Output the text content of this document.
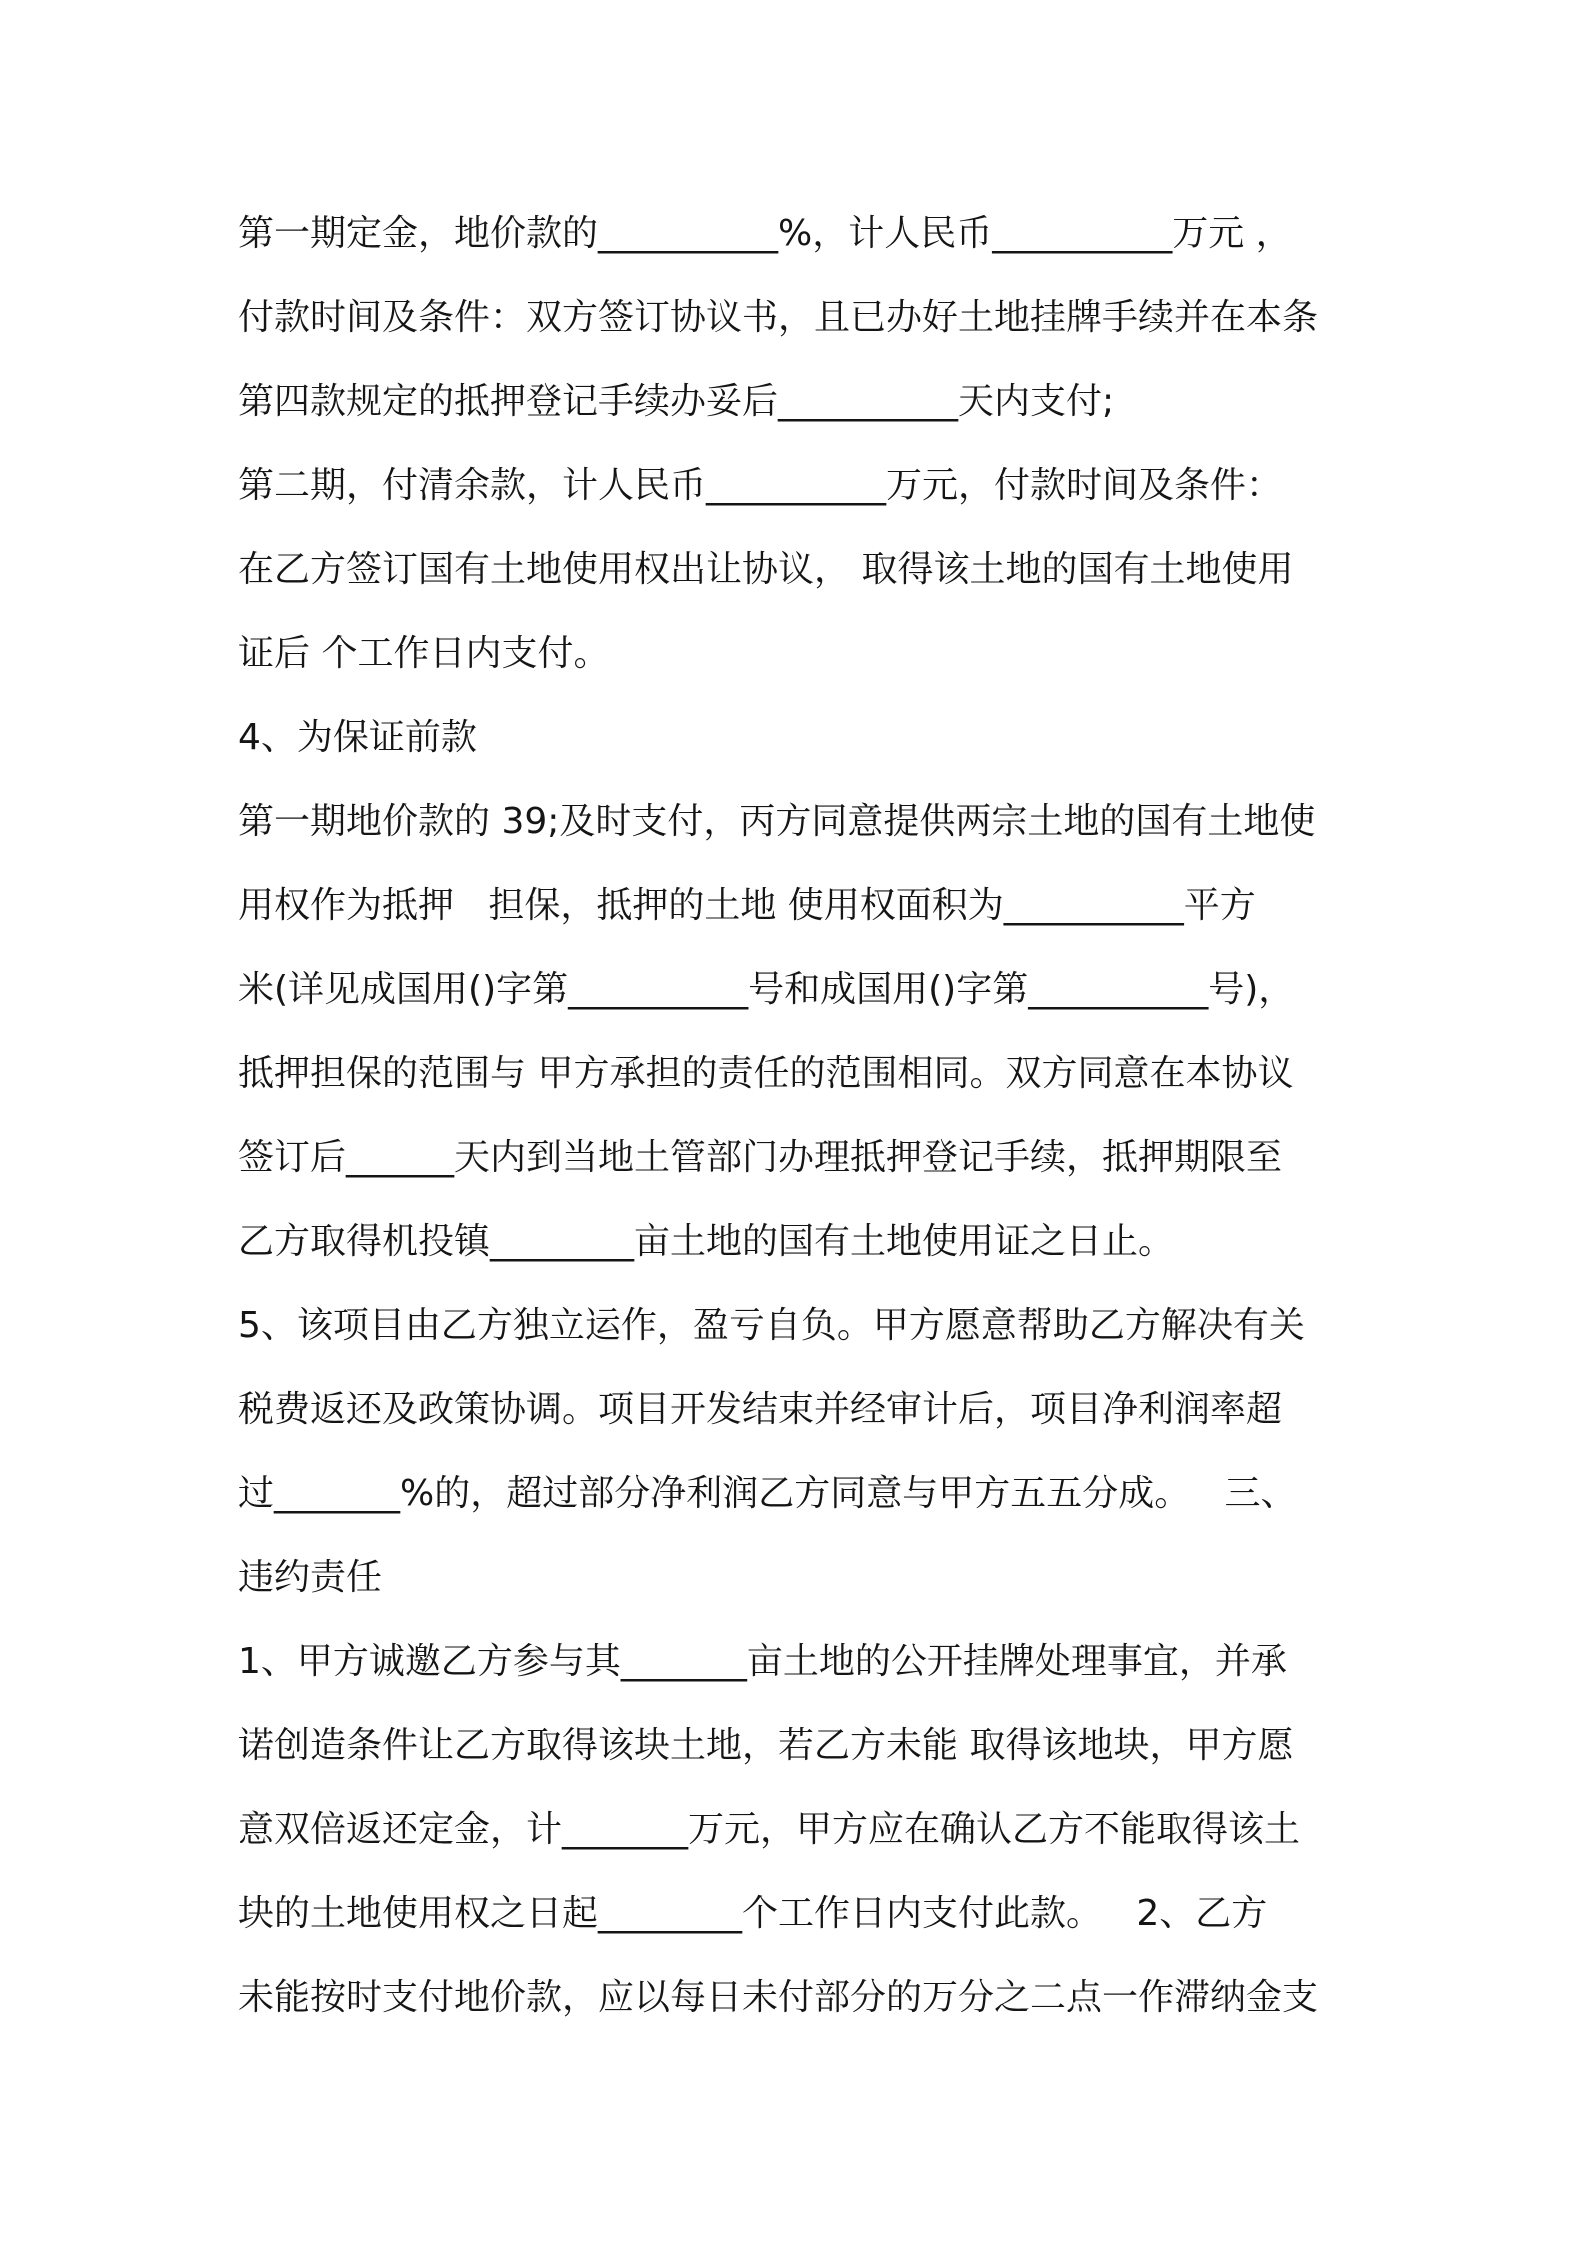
第一期定金，地价款的__________%，计人民币__________万元 ，
付款时间及条件：双方签订协议书，且已办好土地挂牌手续并在本条
第四款规定的抵押登记手续办妥后__________天内支付;
第二期，付清余款，计人民币__________万元，付款时间及条件：
在乙方签订国有土地使用权出让协议， 取得该土地的国有土地使用
证后 个工作日内支付。
4、为保证前款
第一期地价款的 39;及时支付，丙方同意提供两宗土地的国有土地使
用权作为抵押   担保，抵押的土地 使用权面积为__________平方
米(详见成国用()字第__________号和成国用()字第__________号)，
抵押担保的范围与 甲方承担的责任的范围相同。双方同意在本协议
签订后______天内到当地土管部门办理抵押登记手续，抵押期限至
乙方取得机投镇________亩土地的国有土地使用证之日止。
5、该项目由乙方独立运作，盈亏自负。甲方愿意帮助乙方解决有关
税费返还及政策协调。项目开发结束并经审计后，项目净利润率超
过_______%的，超过部分净利润乙方同意与甲方五五分成。   三、
违约责任
1、甲方诚邀乙方参与其_______亩土地的公开挂牌处理事宜，并承
诺创造条件让乙方取得该块土地，若乙方未能 取得该地块，甲方愿
意双倍返还定金，计_______万元，甲方应在确认乙方不能取得该土
块的土地使用权之日起________个工作日内支付此款。   2、乙方
未能按时支付地价款，应以每日未付部分的万分之二点一作滞纳金支
